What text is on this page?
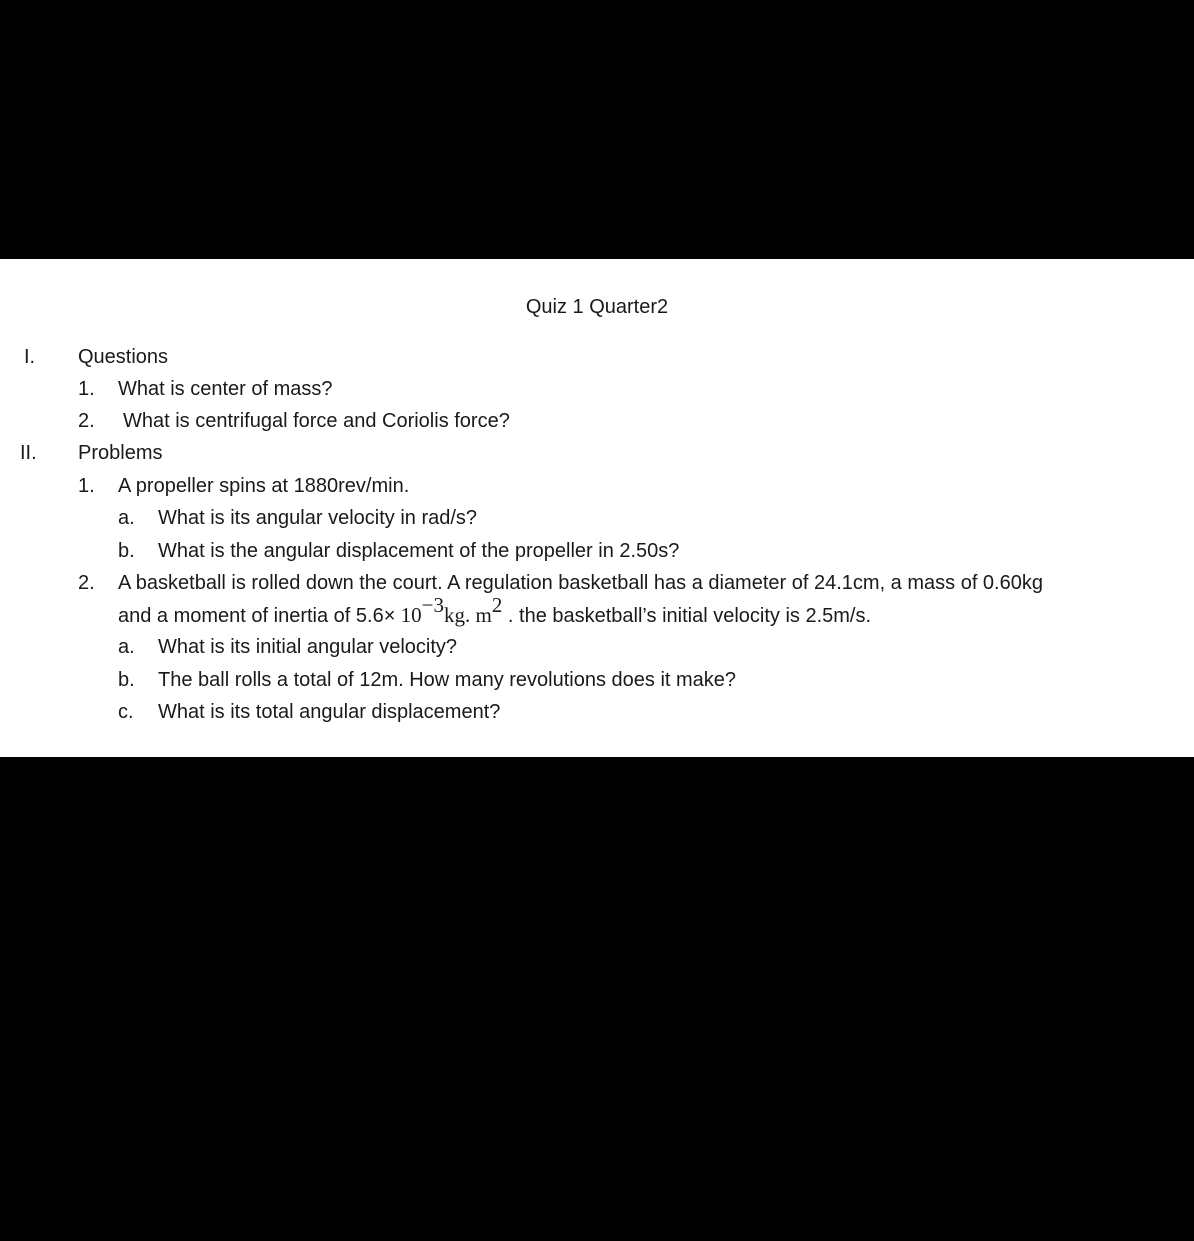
Quiz 1 Quarter2
I. Questions
1. What is center of mass?
2. What is centrifugal force and Coriolis force?
II. Problems
1. A propeller spins at 1880rev/min.
a. What is its angular velocity in rad/s?
b. What is the angular displacement of the propeller in 2.50s?
2. A basketball is rolled down the court. A regulation basketball has a diameter of 24.1cm, a mass of 0.60kg
and a moment of inertia of $5.6\times 10^{-3}kg$. $m^2$ . the basketball’s initial velocity is 2.5m/s.
a. What is its initial angular velocity?
b. The ball rolls a total of 12m. How many revolutions does it make?
c. What is its total angular displacement?
